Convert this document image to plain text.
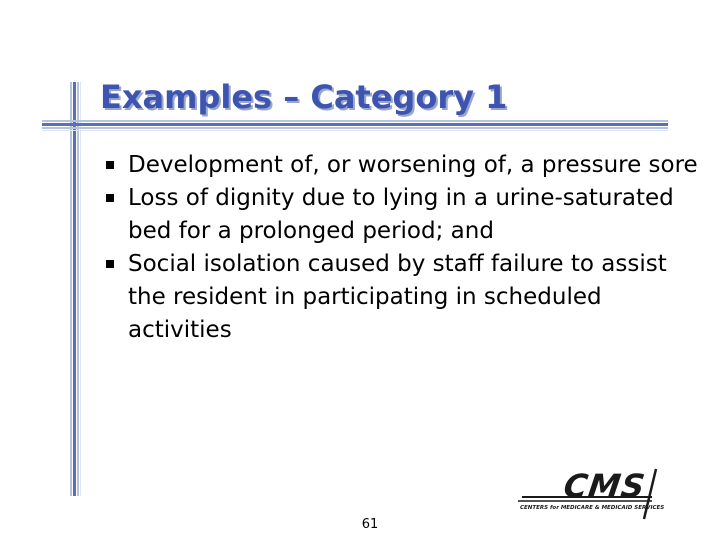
Examples – Category 1
Development of, or worsening of, a pressure sore
Loss of dignity due to lying in a urine-saturated bed for a prolonged period; and
Social isolation caused by staff failure to assist the resident in participating in scheduled activities
61
CMS
CENTERS for MEDICARE & MEDICAID SERVICES
